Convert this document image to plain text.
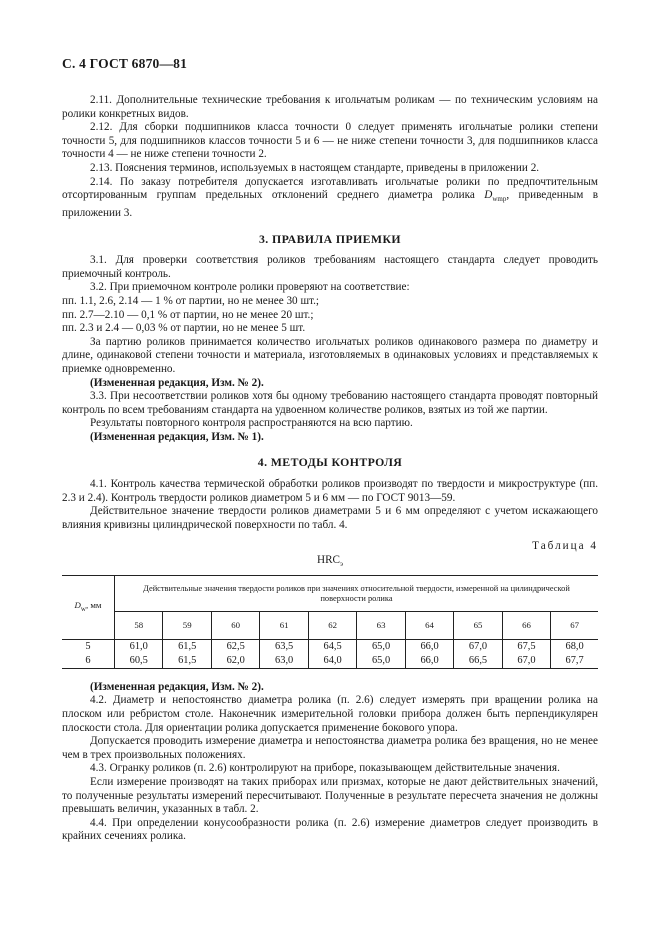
С. 4 ГОСТ 6870—81

2.11. Дополнительные технические требования к игольчатым роликам — по техническим условиям на ролики конкретных видов.

2.12. Для сборки подшипников класса точности 0 следует применять игольчатые ролики степени точности 5, для подшипников классов точности 5 и 6 — не ниже степени точности 3, для подшипников класса точности 4 — не ниже степени точности 2.

2.13. Пояснения терминов, используемых в настоящем стандарте, приведены в приложении 2.

2.14. По заказу потребителя допускается изготавливать игольчатые ролики по предпочтительным отсортированным группам предельных отклонений среднего диаметра ролика $D_{wmp}$, приведенным в приложении 3.

3. ПРАВИЛА ПРИЕМКИ

3.1. Для проверки соответствия роликов требованиям настоящего стандарта следует проводить приемочный контроль.

3.2. При приемочном контроле ролики проверяют на соответствие:

пп. 1.1, 2.6, 2.14 — 1 % от партии, но не менее 30 шт.;

пп. 2.7—2.10 — 0,1 % от партии, но не менее 20 шт.;

пп. 2.3 и 2.4 — 0,03 % от партии, но не менее 5 шт.

За партию роликов принимается количество игольчатых роликов одинакового размера по диаметру и длине, одинаковой степени точности и материала, изготовляемых в одинаковых условиях и представляемых к приемке одновременно.

(Измененная редакция, Изм. № 2).

3.3. При несоответствии роликов хотя бы одному требованию настоящего стандарта проводят повторный контроль по всем требованиям стандарта на удвоенном количестве роликов, взятых из той же партии.

Результаты повторного контроля распространяются на всю партию.

(Измененная редакция, Изм. № 1).

4. МЕТОДЫ КОНТРОЛЯ

4.1. Контроль качества термической обработки роликов производят по твердости и микроструктуре (пп. 2.3 и 2.4). Контроль твердости роликов диаметром 5 и 6 мм — по ГОСТ 9013—59.

Действительное значение твердости роликов диаметрами 5 и 6 мм определяют с учетом искажающего влияния кривизны цилиндрической поверхности по табл. 4.

Таблица 4

$HRC_э$

$D_w$, мм	Действительные значения твердости роликов при значениях относительной твердости, измеренной на цилиндрической поверхности ролика									
	58	59	60	61	62	63	64	65	66	67
5	61,0	61,5	62,5	63,5	64,5	65,0	66,0	67,0	67,5	68,0
6	60,5	61,5	62,0	63,0	64,0	65,0	66,0	66,5	67,0	67,7

(Измененная редакция, Изм. № 2).

4.2. Диаметр и непостоянство диаметра ролика (п. 2.6) следует измерять при вращении ролика на плоском или ребристом столе. Наконечник измерительной головки прибора должен быть перпендикулярен плоскости стола. Для ориентации ролика допускается применение бокового упора.

Допускается проводить измерение диаметра и непостоянства диаметра ролика без вращения, но не менее чем в трех произвольных положениях.

4.3. Огранку роликов (п. 2.6) контролируют на приборе, показывающем действительные значения.

Если измерение производят на таких приборах или призмах, которые не дают действительных значений, то полученные результаты измерений пересчитывают. Полученные в результате пересчета значения не должны превышать величин, указанных в табл. 2.

4.4. При определении конусообразности ролика (п. 2.6) измерение диаметров следует производить в крайних сечениях ролика.
